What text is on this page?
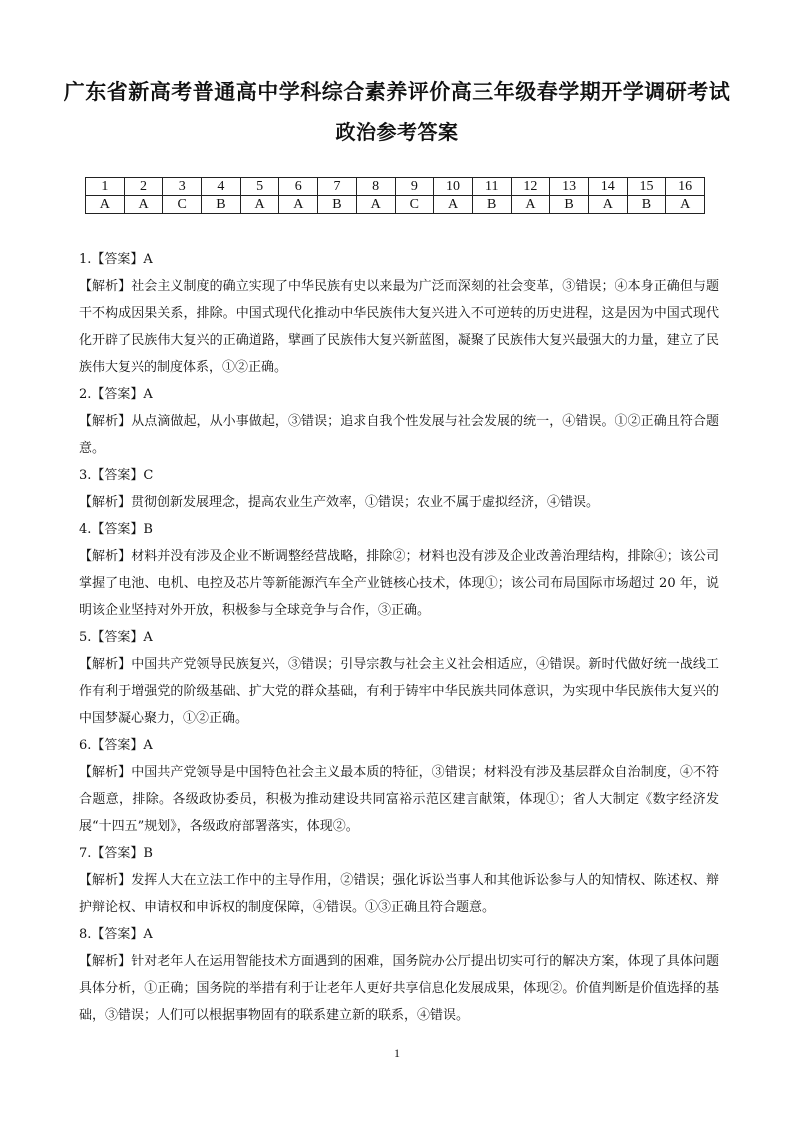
广东省新高考普通高中学科综合素养评价高三年级春学期开学调研考试
政治参考答案
1	2	3	4	5	6	7	8	9	10	11	12	13	14	15	16
A	A	C	B	A	A	B	A	C	A	B	A	B	A	B	A

1.【答案】A

【解析】社会主义制度的确立实现了中华民族有史以来最为广泛而深刻的社会变革，③错误；④本身正确但与题干不构成因果关系，排除。中国式现代化推动中华民族伟大复兴进入不可逆转的历史进程，这是因为中国式现代化开辟了民族伟大复兴的正确道路，擘画了民族伟大复兴新蓝图，凝聚了民族伟大复兴最强大的力量，建立了民族伟大复兴的制度体系，①②正确。

2.【答案】A

【解析】从点滴做起，从小事做起，③错误；追求自我个性发展与社会发展的统一，④错误。①②正确且符合题意。

3.【答案】C

【解析】贯彻创新发展理念，提高农业生产效率，①错误；农业不属于虚拟经济，④错误。

4.【答案】B

【解析】材料并没有涉及企业不断调整经营战略，排除②；材料也没有涉及企业改善治理结构，排除④；该公司掌握了电池、电机、电控及芯片等新能源汽车全产业链核心技术，体现①；该公司布局国际市场超过 20 年，说明该企业坚持对外开放，积极参与全球竞争与合作，③正确。

5.【答案】A

【解析】中国共产党领导民族复兴，③错误；引导宗教与社会主义社会相适应，④错误。新时代做好统一战线工作有利于增强党的阶级基础、扩大党的群众基础，有利于铸牢中华民族共同体意识，为实现中华民族伟大复兴的中国梦凝心聚力，①②正确。

6.【答案】A

【解析】中国共产党领导是中国特色社会主义最本质的特征，③错误；材料没有涉及基层群众自治制度，④不符合题意，排除。各级政协委员，积极为推动建设共同富裕示范区建言献策，体现①；省人大制定《数字经济发展“十四五”规划》，各级政府部署落实，体现②。

7.【答案】B

【解析】发挥人大在立法工作中的主导作用，②错误；强化诉讼当事人和其他诉讼参与人的知情权、陈述权、辩护辩论权、申请权和申诉权的制度保障，④错误。①③正确且符合题意。

8.【答案】A

【解析】针对老年人在运用智能技术方面遇到的困难，国务院办公厅提出切实可行的解决方案，体现了具体问题具体分析，①正确；国务院的举措有利于让老年人更好共享信息化发展成果，体现②。价值判断是价值选择的基础，③错误；人们可以根据事物固有的联系建立新的联系，④错误。

1
